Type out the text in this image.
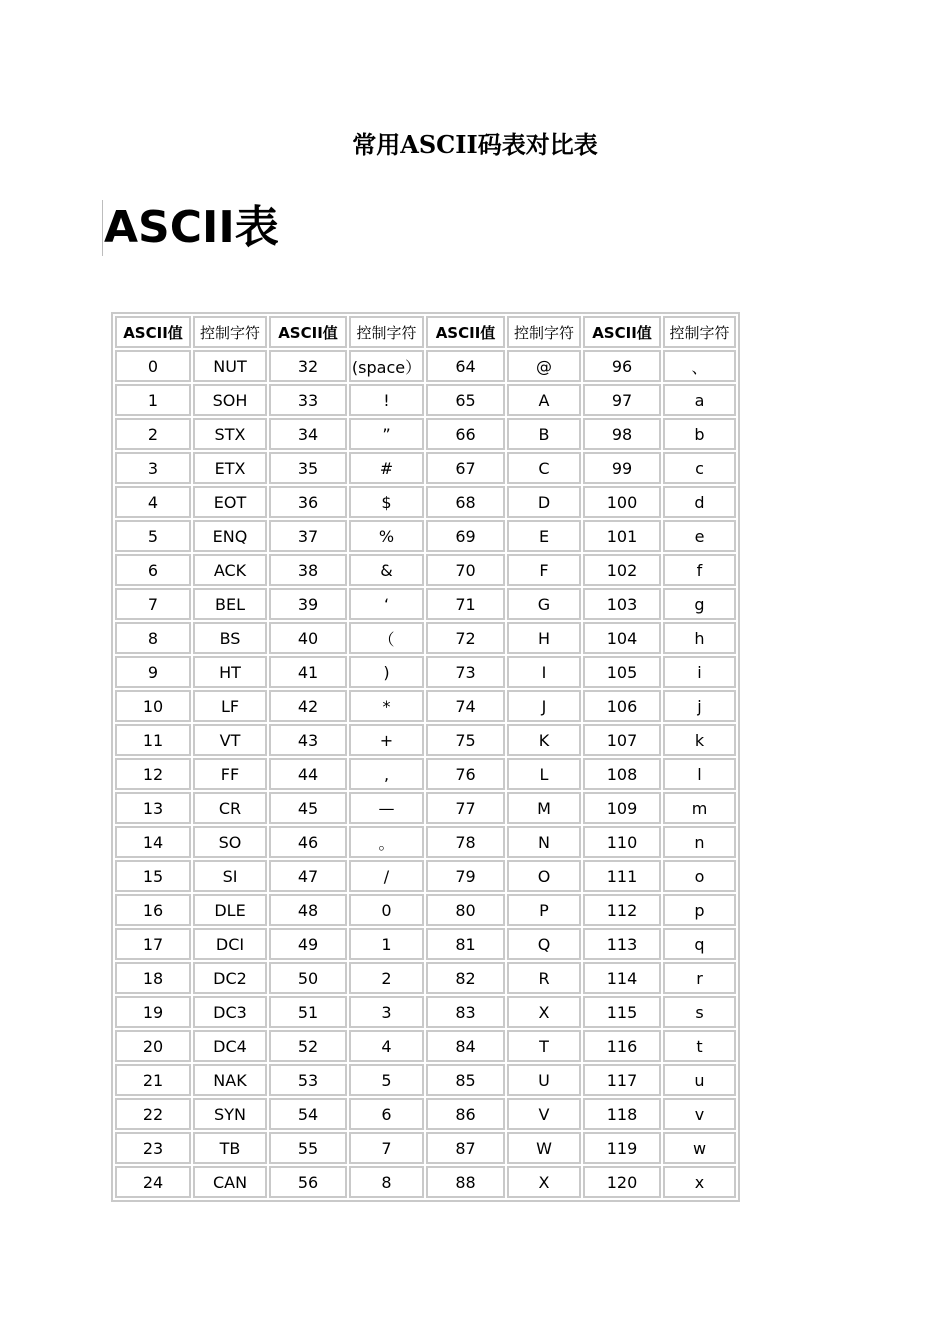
常用ASCII码表对比表
ASCII表
ASCII值	控制字符	ASCII值	控制字符	ASCII值	控制字符	ASCII值	控制字符
0	NUT	32	(space）	64	@	96	、
1	SOH	33	!	65	A	97	a
2	STX	34	”	66	B	98	b
3	ETX	35	#	67	C	99	c
4	EOT	36	$	68	D	100	d
5	ENQ	37	%	69	E	101	e
6	ACK	38	&	70	F	102	f
7	BEL	39	‘	71	G	103	g
8	BS	40	（	72	H	104	h
9	HT	41	)	73	I	105	i
10	LF	42	*	74	J	106	j
11	VT	43	+	75	K	107	k
12	FF	44	,	76	L	108	l
13	CR	45	—	77	M	109	m
14	SO	46	。	78	N	110	n
15	SI	47	/	79	O	111	o
16	DLE	48	0	80	P	112	p
17	DCI	49	1	81	Q	113	q
18	DC2	50	2	82	R	114	r
19	DC3	51	3	83	X	115	s
20	DC4	52	4	84	T	116	t
21	NAK	53	5	85	U	117	u
22	SYN	54	6	86	V	118	v
23	TB	55	7	87	W	119	w
24	CAN	56	8	88	X	120	x
